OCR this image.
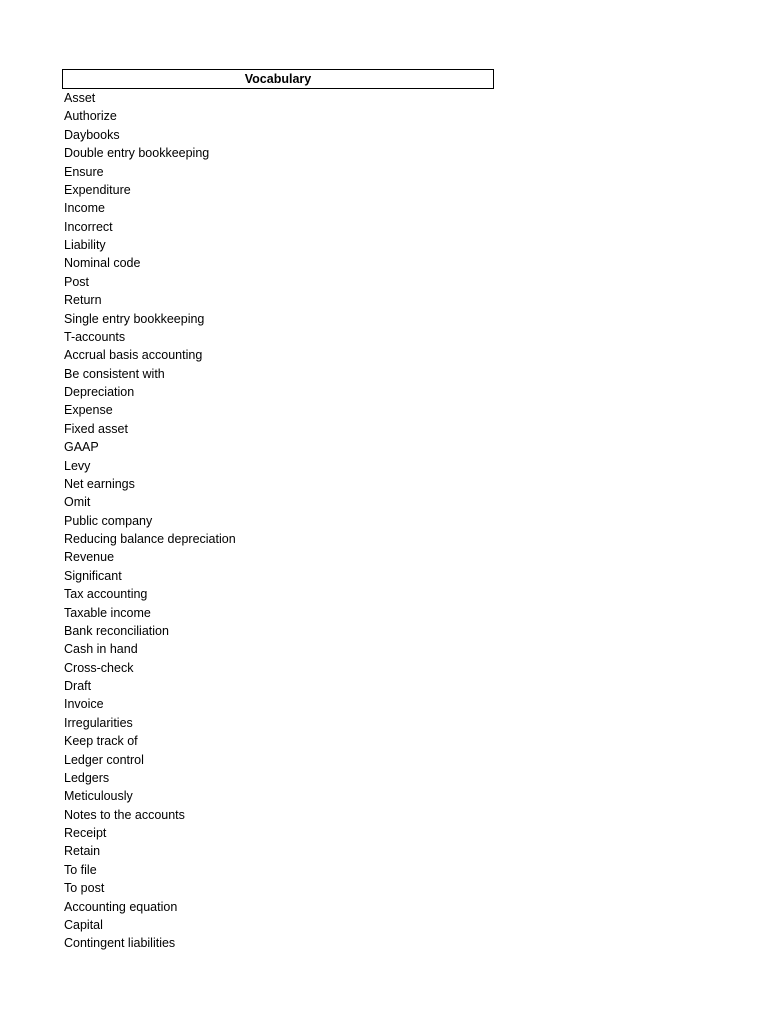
Vocabulary
Asset
Authorize
Daybooks
Double entry bookkeeping
Ensure
Expenditure
Income
Incorrect
Liability
Nominal code
Post
Return
Single entry bookkeeping
T-accounts
Accrual basis accounting
Be consistent with
Depreciation
Expense
Fixed asset
GAAP
Levy
Net earnings
Omit
Public company
Reducing balance depreciation
Revenue
Significant
Tax accounting
Taxable income
Bank reconciliation
Cash in hand
Cross-check
Draft
Invoice
Irregularities
Keep track of
Ledger control
Ledgers
Meticulously
Notes to the accounts
Receipt
Retain
To file
To post
Accounting equation
Capital
Contingent liabilities
